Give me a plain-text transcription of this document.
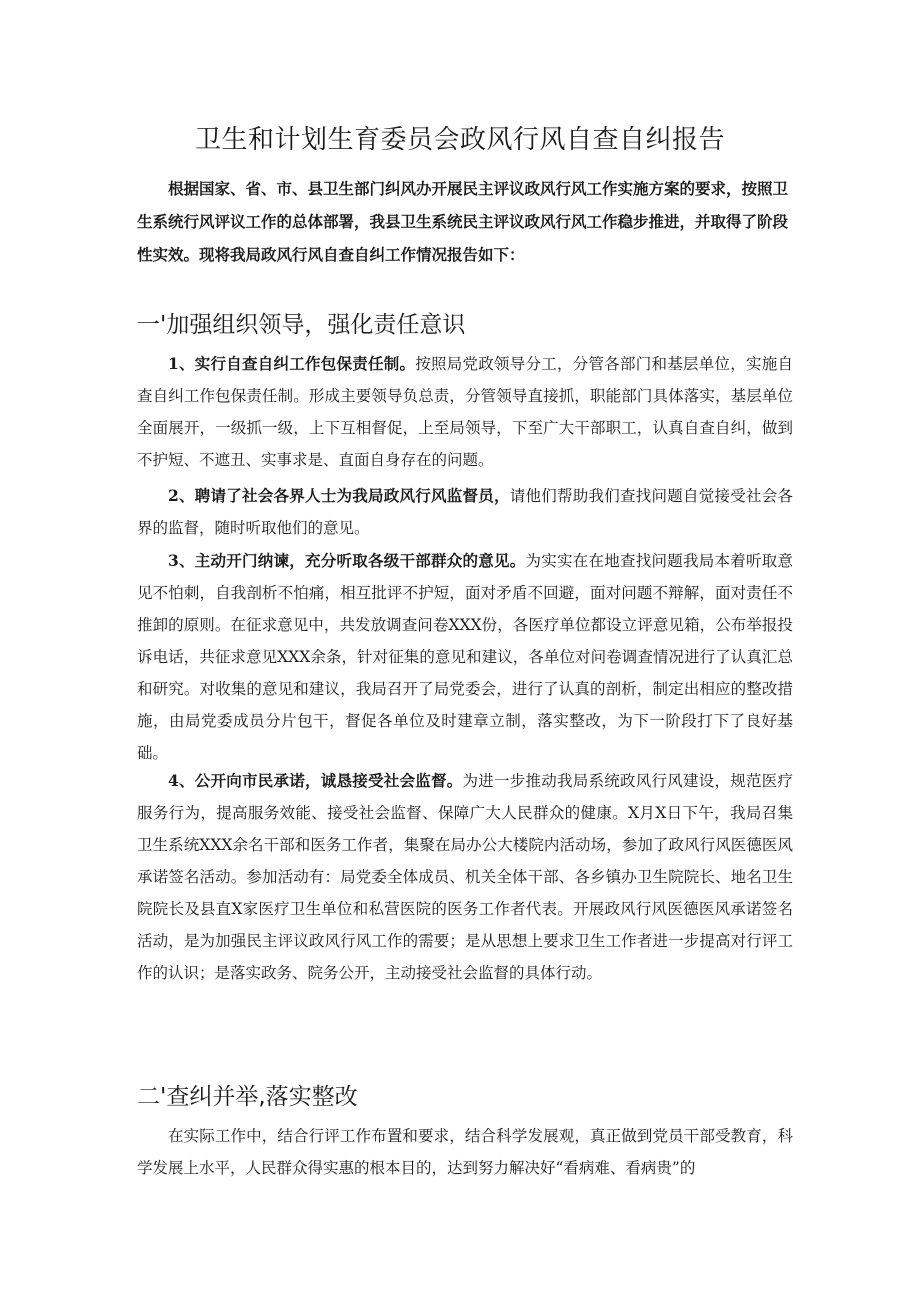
卫生和计划生育委员会政风行风自查自纠报告

根据国家、省、市、县卫生部门纠风办开展民主评议政风行风工作实施方案的要求，按照卫生系统行风评议工作的总体部署，我县卫生系统民主评议政风行风工作稳步推进，并取得了阶段性实效。现将我局政风行风自查自纠工作情况报告如下：

一'加强组织领导，强化责任意识

1、实行自查自纠工作包保责任制。按照局党政领导分工，分管各部门和基层单位，实施自查自纠工作包保责任制。形成主要领导负总责，分管领导直接抓，职能部门具体落实，基层单位全面展开，一级抓一级，上下互相督促，上至局领导，下至广大干部职工，认真自查自纠，做到不护短、不遮丑、实事求是、直面自身存在的问题。

2、聘请了社会各界人士为我局政风行风监督员，请他们帮助我们查找问题自觉接受社会各界的监督，随时听取他们的意见。

3、主动开门纳谏，充分听取各级干部群众的意见。为实实在在地查找问题我局本着听取意见不怕刺，自我剖析不怕痛，相互批评不护短，面对矛盾不回避，面对问题不辩解，面对责任不推卸的原则。在征求意见中，共发放调查问卷XXX份，各医疗单位都设立评意见箱，公布举报投诉电话，共征求意见XXX余条，针对征集的意见和建议，各单位对问卷调查情况进行了认真汇总和研究。对收集的意见和建议，我局召开了局党委会，进行了认真的剖析，制定出相应的整改措施，由局党委成员分片包干，督促各单位及时建章立制，落实整改，为下一阶段打下了良好基础。

4、公开向市民承诺，诚恳接受社会监督。为进一步推动我局系统政风行风建设，规范医疗服务行为，提高服务效能、接受社会监督、保障广大人民群众的健康。X月X日下午，我局召集卫生系统XXX余名干部和医务工作者，集聚在局办公大楼院内活动场，参加了政风行风医德医风承诺签名活动。参加活动有：局党委全体成员、机关全体干部、各乡镇办卫生院院长、地名卫生院院长及县直X家医疗卫生单位和私营医院的医务工作者代表。开展政风行风医德医风承诺签名活动，是为加强民主评议政风行风工作的需要；是从思想上要求卫生工作者进一步提高对行评工作的认识；是落实政务、院务公开，主动接受社会监督的具体行动。

二'查纠并举,落实整改

在实际工作中，结合行评工作布置和要求，结合科学发展观，真正做到党员干部受教育，科学发展上水平，人民群众得实惠的根本目的，达到努力解决好“看病难、看病贵”的
